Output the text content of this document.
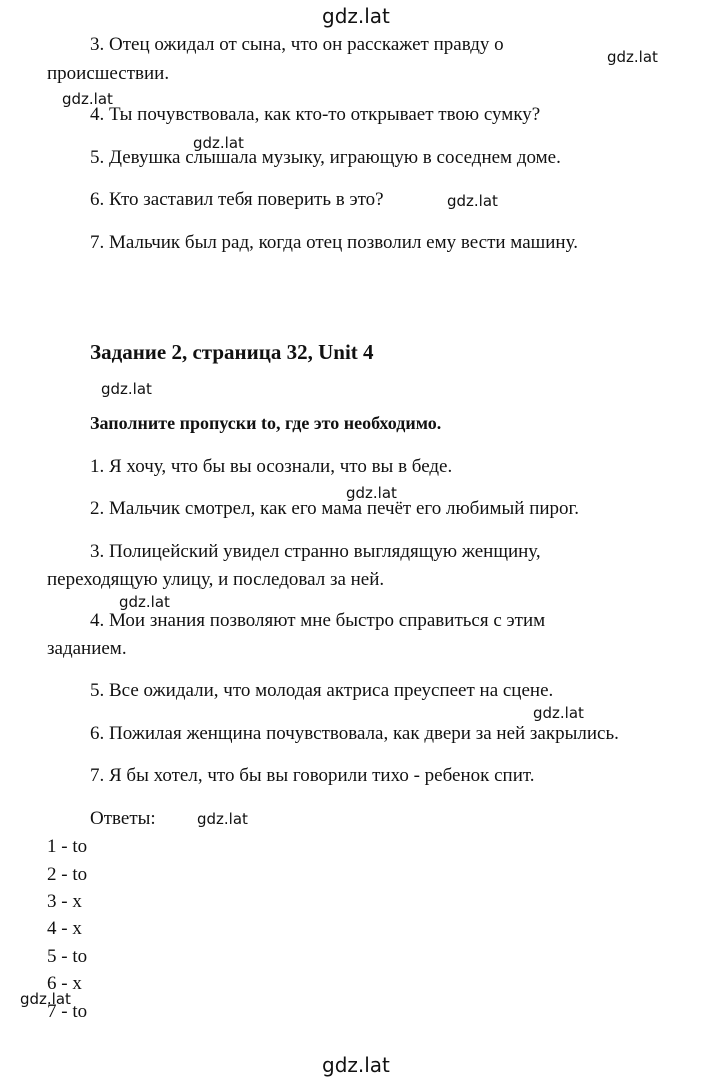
gdz.lat
gdz.lat
gdz.lat
gdz.lat
gdz.lat
gdz.lat
gdz.lat
gdz.lat
gdz.lat
gdz.lat
gdz.lat
gdz.lat

3. Отец ожидал от сына, что он расскажет правду о

происшествии.

4. Ты почувствовала, как кто-то открывает твою сумку?

5. Девушка слышала музыку, играющую в соседнем доме.

6. Кто заставил тебя поверить в это?

7. Мальчик был рад, когда отец позволил ему вести машину.

Задание 2, страница 32, Unit 4

Заполните пропуски to, где это необходимо.

1. Я хочу, что бы вы осознали, что вы в беде.

2. Мальчик смотрел, как его мама печёт его любимый пирог.

3. Полицейский увидел странно выглядящую женщину,

переходящую улицу, и последовал за ней.

4. Мои знания позволяют мне быстро справиться с этим

заданием.

5. Все ожидали, что молодая актриса преуспеет на сцене.

6. Пожилая женщина почувствовала, как двери за ней закрылись.

7. Я бы хотел, что бы вы говорили тихо - ребенок спит.

Ответы:

1 - to

2 - to

3 - x

4 - x

5 - to

6 - x

7 - to
